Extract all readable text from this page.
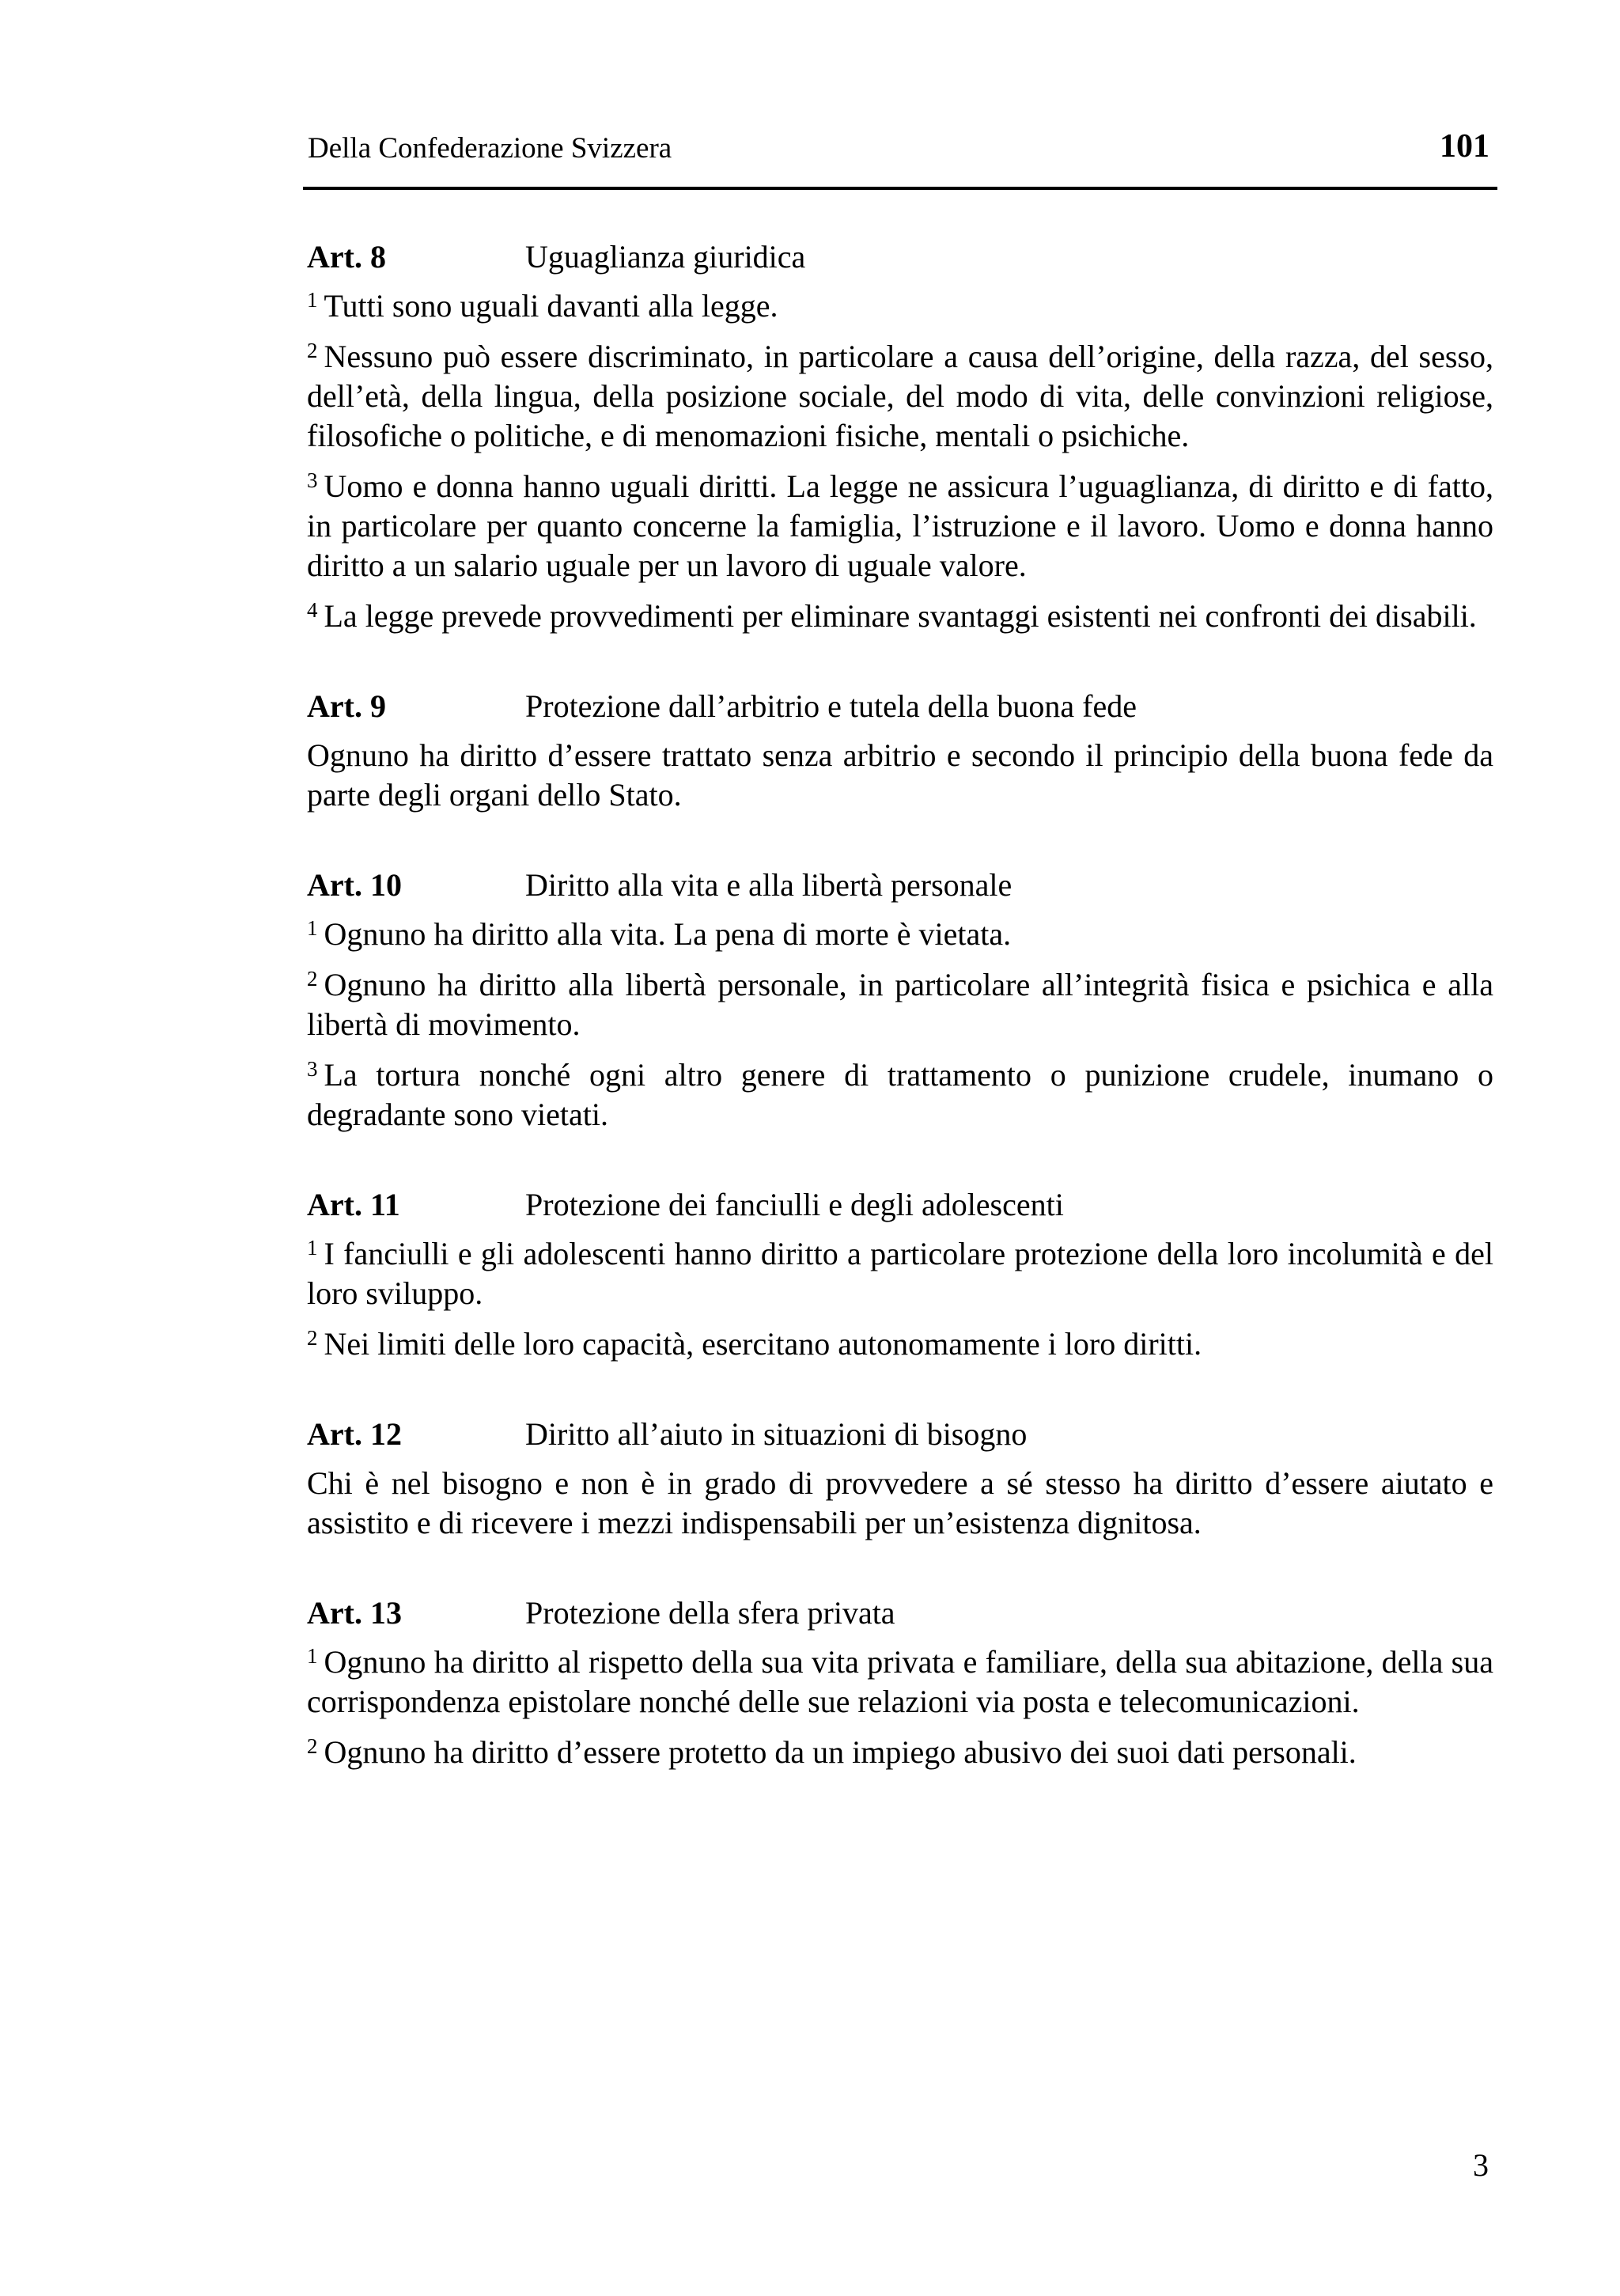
Della Confederazione Svizzera	101
Art. 8	Uguaglianza giuridica

$^1$ Tutti sono uguali davanti alla legge.

$^2$ Nessuno può essere discriminato, in particolare a causa dell’origine, della razza, del sesso, dell’età, della lingua, della posizione sociale, del modo di vita, delle convinzioni religiose, filosofiche o politiche, e di menomazioni fisiche, mentali o psichiche.

$^3$ Uomo e donna hanno uguali diritti. La legge ne assicura l’uguaglianza, di diritto e di fatto, in particolare per quanto concerne la famiglia, l’istruzione e il lavoro. Uomo e donna hanno diritto a un salario uguale per un lavoro di uguale valore.

$^4$ La legge prevede provvedimenti per eliminare svantaggi esistenti nei confronti dei disabili.

Art. 9	Protezione dall’arbitrio e tutela della buona fede

Ognuno ha diritto d’essere trattato senza arbitrio e secondo il principio della buona fede da parte degli organi dello Stato.

Art. 10	Diritto alla vita e alla libertà personale

$^1$ Ognuno ha diritto alla vita. La pena di morte è vietata.

$^2$ Ognuno ha diritto alla libertà personale, in particolare all’integrità fisica e psichica e alla libertà di movimento.

$^3$ La tortura nonché ogni altro genere di trattamento o punizione crudele, inumano o degradante sono vietati.

Art. 11	Protezione dei fanciulli e degli adolescenti

$^1$ I fanciulli e gli adolescenti hanno diritto a particolare protezione della loro incolumità e del loro sviluppo.

$^2$ Nei limiti delle loro capacità, esercitano autonomamente i loro diritti.

Art. 12	Diritto all’aiuto in situazioni di bisogno

Chi è nel bisogno e non è in grado di provvedere a sé stesso ha diritto d’essere aiutato e assistito e di ricevere i mezzi indispensabili per un’esistenza dignitosa.

Art. 13	Protezione della sfera privata

$^1$ Ognuno ha diritto al rispetto della sua vita privata e familiare, della sua abitazione, della sua corrispondenza epistolare nonché delle sue relazioni via posta e telecomunicazioni.

$^2$ Ognuno ha diritto d’essere protetto da un impiego abusivo dei suoi dati personali.

3
